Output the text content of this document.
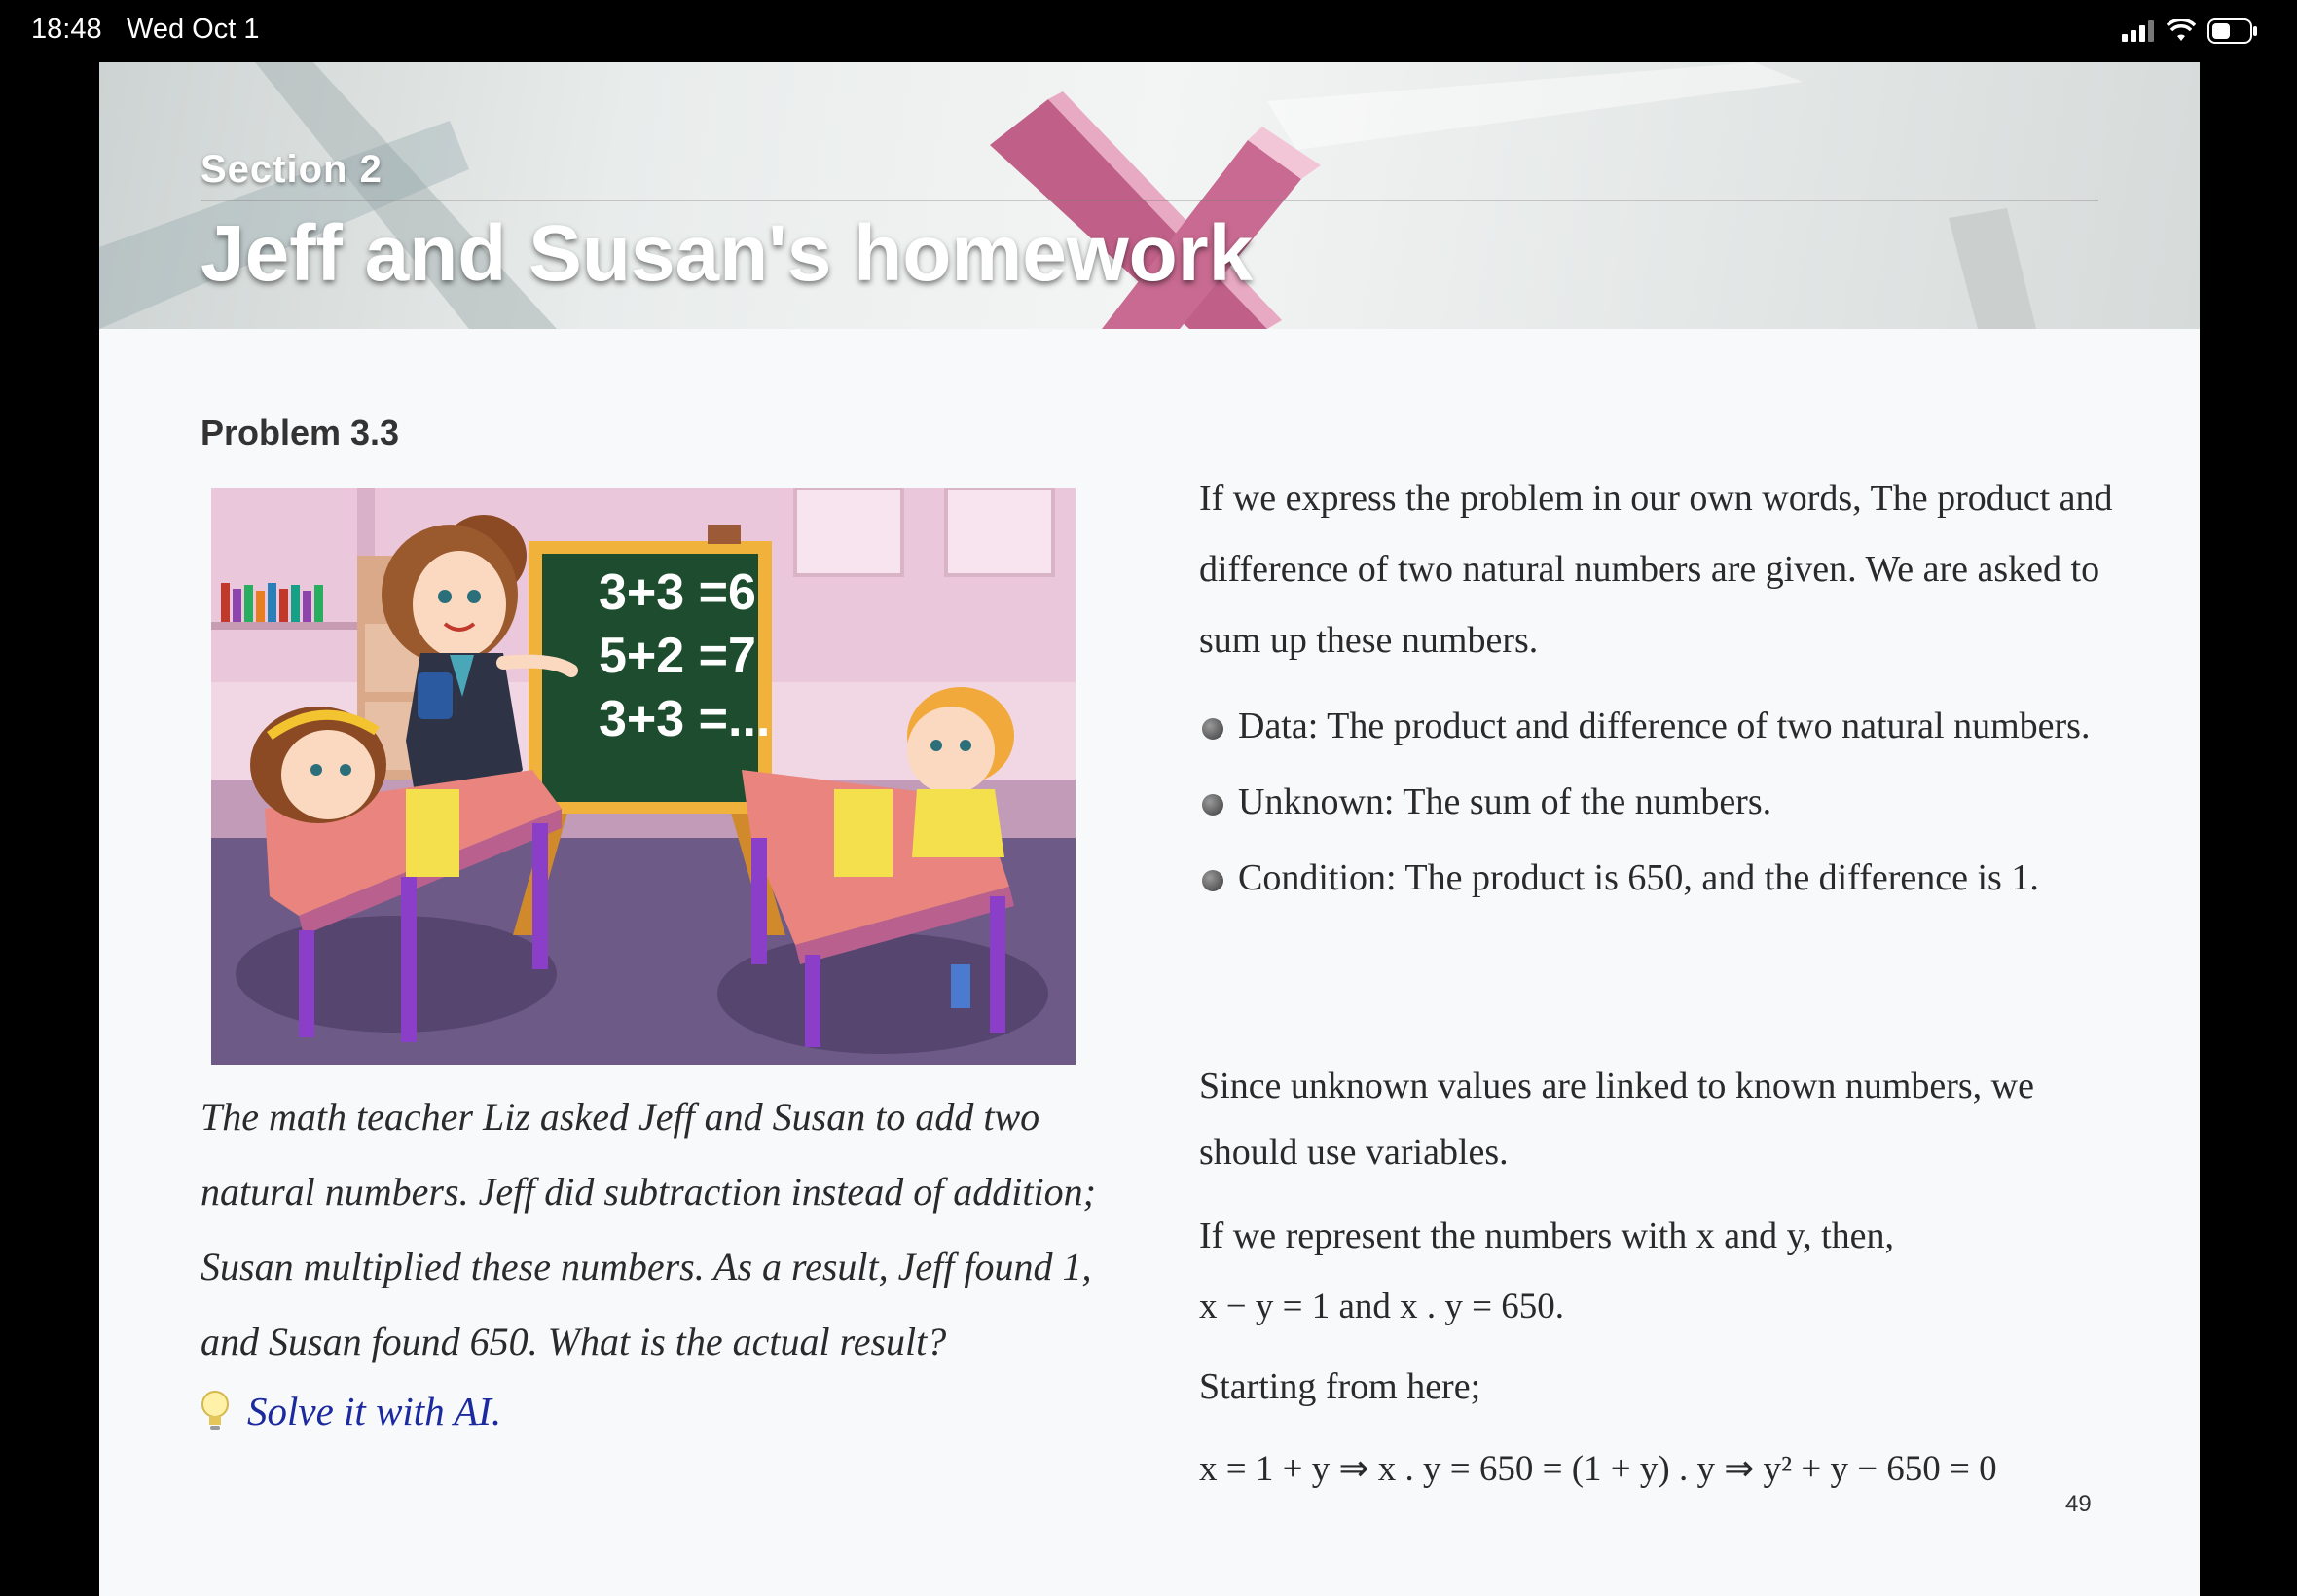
18:48 Wed Oct 1
Section 2
Jeff and Susan's homework
Problem 3.3
3+3 =6
5+2 =7
3+3 =...

The math teacher Liz asked Jeff and Susan to add two natural numbers. Jeff did subtraction instead of addition; Susan multiplied these numbers. As a result, Jeff found 1, and Susan found 650. What is the actual result?

Solve it with AI.

If we express the problem in our own words, The product and difference of two natural numbers are given. We are asked to sum up these numbers.

Data: The product and difference of two natural numbers.
Unknown: The sum of the numbers.
Condition: The product is 650, and the difference is 1.

Since unknown values are linked to known numbers, we should use variables.

If we represent the numbers with x and y, then,

x − y = 1 and x . y = 650.

Starting from here;

x = 1 + y ⇒ x . y = 650 = (1 + y) . y ⇒ y² + y − 650 = 0

49
